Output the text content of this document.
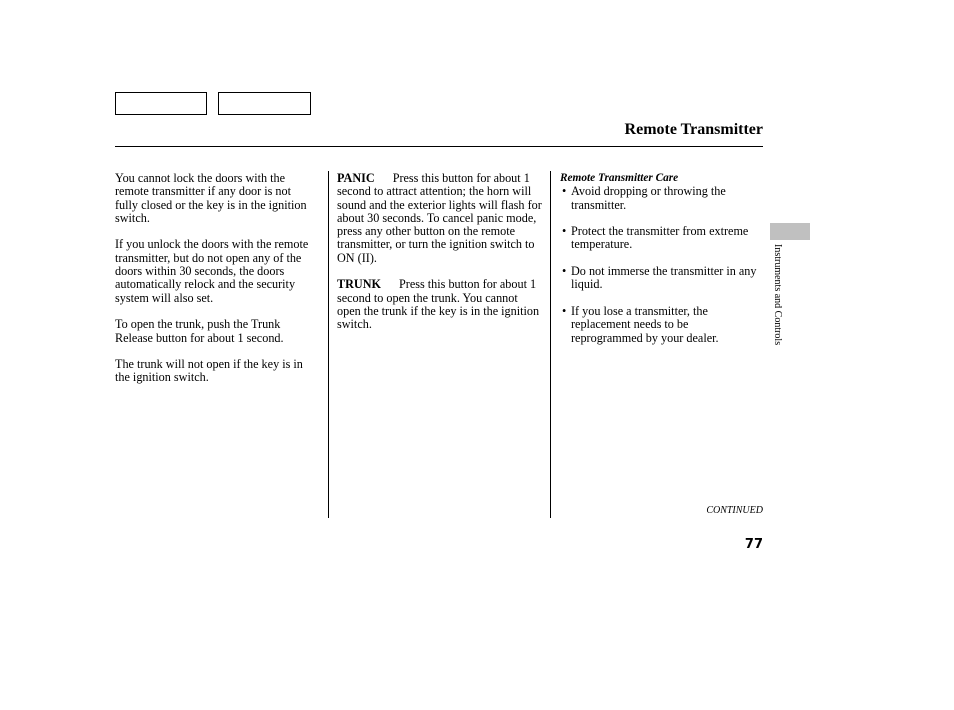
Remote Transmitter

You cannot lock the doors with the remote transmitter if any door is not fully closed or the key is in the ignition switch.

If you unlock the doors with the remote transmitter, but do not open any of the doors within 30 seconds, the doors automatically relock and the security system will also set.

To open the trunk, push the Trunk Release button for about 1 second.

The trunk will not open if the key is in the ignition switch.

PANIC Press this button for about 1 second to attract attention; the horn will sound and the exterior lights will flash for about 30 seconds. To cancel panic mode, press any other button on the remote transmitter, or turn the ignition switch to ON (II).

TRUNK Press this button for about 1 second to open the trunk. You cannot open the trunk if the key is in the ignition switch.

Remote Transmitter Care
• Avoid dropping or throwing the transmitter.
• Protect the transmitter from extreme temperature.
• Do not immerse the transmitter in any liquid.
• If you lose a transmitter, the replacement needs to be reprogrammed by your dealer.	Instruments and Controls
CONTINUED
77
